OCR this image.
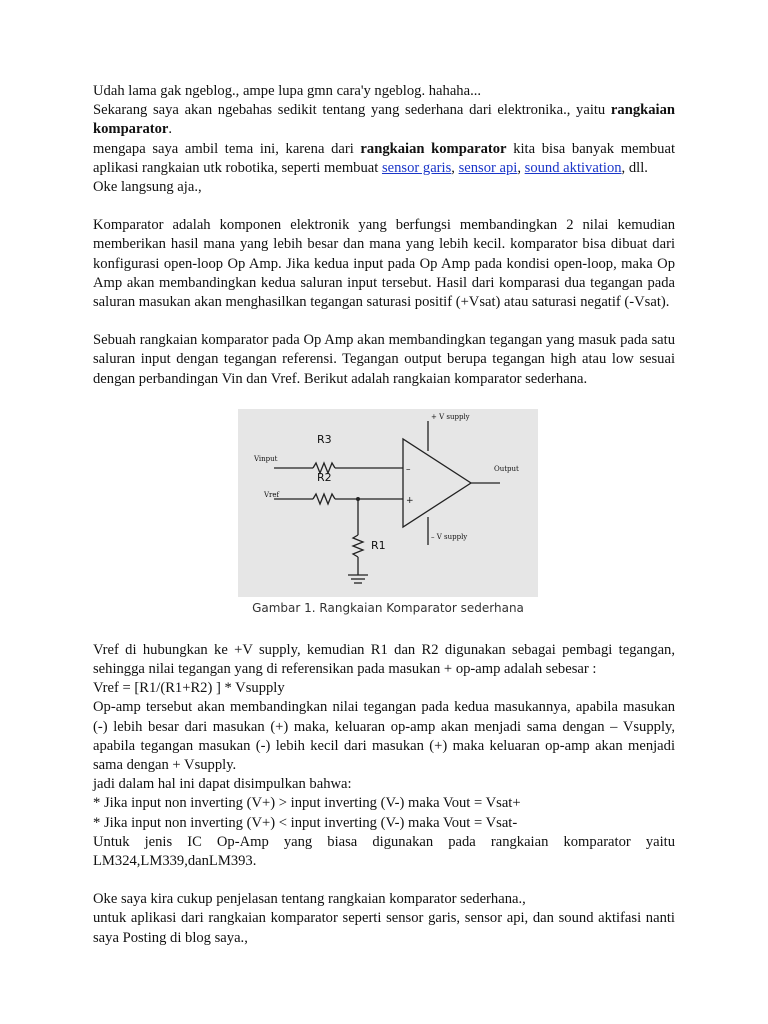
Udah lama gak ngeblog., ampe lupa gmn cara'y ngeblog. hahaha...

Sekarang saya akan ngebahas sedikit tentang yang sederhana dari elektronika., yaitu rangkaian komparator.

mengapa saya ambil tema ini, karena dari rangkaian komparator kita bisa banyak membuat aplikasi rangkaian utk robotika, seperti membuat sensor garis, sensor api, sound aktivation, dll.

Oke langsung aja.,

Komparator adalah komponen elektronik yang berfungsi membandingkan 2 nilai kemudian memberikan hasil mana yang lebih besar dan mana yang lebih kecil. komparator bisa dibuat dari konfigurasi open-loop Op Amp. Jika kedua input pada Op Amp pada kondisi open-loop, maka Op Amp akan membandingkan kedua saluran input tersebut. Hasil dari komparasi dua tegangan pada saluran masukan akan menghasilkan tegangan saturasi positif (+Vsat) atau saturasi negatif (-Vsat).

Sebuah rangkaian komparator pada Op Amp akan membandingkan tegangan yang masuk pada satu saluran input dengan tegangan referensi. Tegangan output berupa tegangan high atau low sesuai dengan perbandingan Vin dan Vref. Berikut adalah rangkaian komparator sederhana.

+ V supply
– V supply
Vinput
Vref
Output
–
+
R3
R2
R1
Gambar 1. Rangkaian Komparator sederhana

Vref di hubungkan ke +V supply, kemudian R1 dan R2 digunakan sebagai pembagi tegangan, sehingga nilai tegangan yang di referensikan pada masukan + op-amp adalah sebesar :

Vref = [R1/(R1+R2) ] * Vsupply

Op-amp tersebut akan membandingkan nilai tegangan pada kedua masukannya, apabila masukan (-) lebih besar dari masukan (+) maka, keluaran op-amp akan menjadi sama dengan – Vsupply, apabila tegangan masukan (-) lebih kecil dari masukan (+) maka keluaran op-amp akan menjadi sama dengan + Vsupply.

jadi dalam hal ini dapat disimpulkan bahwa:

* Jika input non inverting (V+) > input inverting (V-) maka Vout = Vsat+

* Jika input non inverting (V+) < input inverting (V-) maka Vout = Vsat-

Untuk jenis IC Op-Amp yang biasa digunakan pada rangkaian komparator yaitu LM324,LM339,danLM393.

Oke saya kira cukup penjelasan tentang rangkaian komparator sederhana.,

untuk aplikasi dari rangkaian komparator seperti sensor garis, sensor api, dan sound aktifasi nanti saya Posting di blog saya.,
